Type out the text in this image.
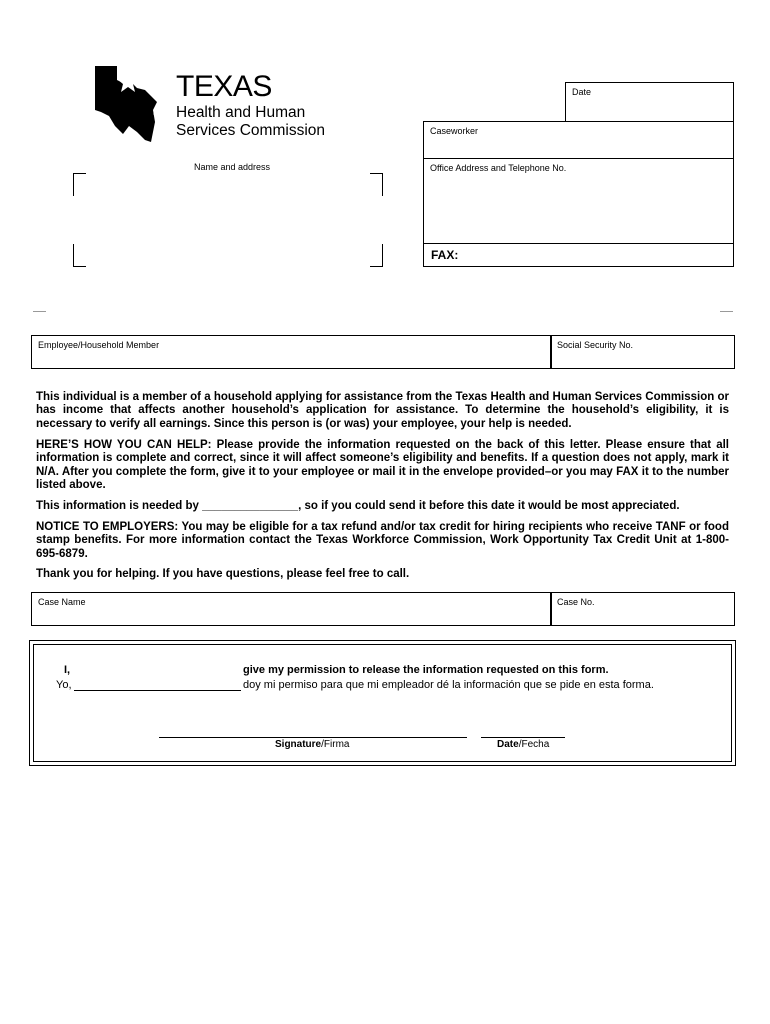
TEXAS
Health and Human
Services Commission
Date
Caseworker
Office Address and Telephone No.
FAX:
Name and address
Employee/Household Member	Social Security No.

This individual is a member of a household applying for assistance from the Texas Health and Human Services Commission or has income that affects another household’s application for assistance. To determine the household’s eligibility, it is necessary to verify all earnings. Since this person is (or was) your employee, your help is needed.

HERE’S HOW YOU CAN HELP: Please provide the information requested on the back of this letter. Please ensure that all information is complete and correct, since it will affect someone’s eligibility and benefits. If a question does not apply, mark it N/A. After you complete the form, give it to your employee or mail it in the envelope provided–or you may FAX it to the number listed above.

This information is needed by _______________, so if you could send it before this date it would be most appreciated.

NOTICE TO EMPLOYERS: You may be eligible for a tax refund and/or tax credit for hiring recipients who receive TANF or food stamp benefits. For more information contact the Texas Workforce Commission, Work Opportunity Tax Credit Unit at 1-800-695-6879.

Thank you for helping. If you have questions, please feel free to call.

Case Name	Case No.
I,	give my permission to release the information requested on this form.
Yo,	doy mi permiso para que mi empleador dé la información que se pide en esta forma.
Signature/Firma	Date/Fecha
